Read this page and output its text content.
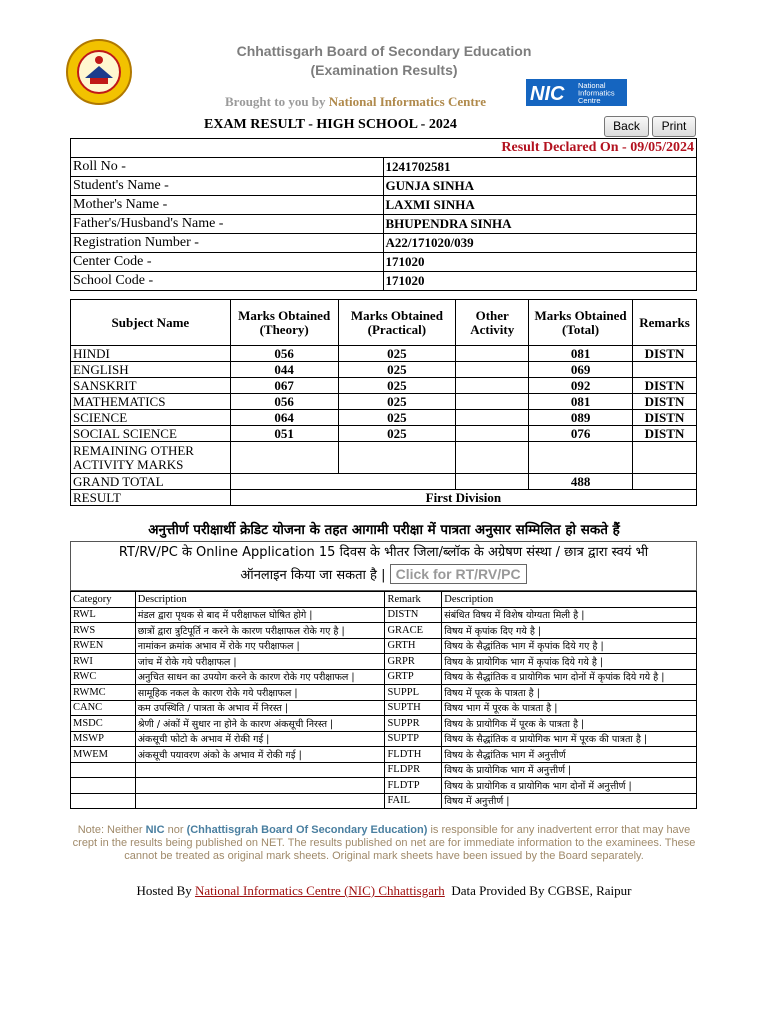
Chhattisgarh Board of Secondary Education
(Examination Results)
Brought to you by National Informatics Centre NIC National
Informatics
Centre
EXAM RESULT - HIGH SCHOOL - 2024	Back	Print
Result Declared On - 09/05/2024	
Roll No -	1241702581
Student's Name -	GUNJA SINHA
Mother's Name -	LAXMI SINHA
Father's/Husband's Name -	BHUPENDRA SINHA
Registration Number -	A22/171020/039
Center Code -	171020
School Code -	171020
Subject Name	Marks Obtained (Theory)	Marks Obtained (Practical)	Other Activity	Marks Obtained (Total)	Remarks
HINDI	056	025		081	DISTN
ENGLISH	044	025		069	
SANSKRIT	067	025		092	DISTN
MATHEMATICS	056	025		081	DISTN
SCIENCE	064	025		089	DISTN
SOCIAL SCIENCE	051	025		076	DISTN
REMAINING OTHER ACTIVITY MARKS					
GRAND TOTAL				488	
RESULT	First Division				
अनुत्तीर्ण परीक्षार्थी क्रेडिट योजना के तहत आगामी परीक्षा में पात्रता अनुसार सम्मिलित हो सकते हैं
RT/RV/PC के Online Application 15 दिवस के भीतर जिला/ब्लॉक के अग्रेषण संस्था / छात्र द्वारा स्वयं भी
ऑनलाइन किया जा सकता है | Click for RT/RV/PC
Category	Description	Remark	Description
RWL	मंडल द्वारा पृथक से बाद में परीक्षाफल घोषित होगे |	DISTN	संबंधित विषय में विशेष योग्यता मिली है |
RWS	छात्रों द्वारा त्रुटिपूर्ति न करने के कारण परीक्षाफल रोके गए है |	GRACE	विषय में कृपांक दिए गये है |
RWEN	नामांकन क्रमांक अभाव में रोके गए परीक्षाफल |	GRTH	विषय के सैद्धांतिक भाग में कृपांक दिये गए है |
RWI	जांच में रोके गये परीक्षाफल |	GRPR	विषय के प्रायोगिक भाग में कृपांक दिये गये है |
RWC	अनुचित साधन का उपयोग करने के कारण रोके गए परीक्षाफल |	GRTP	विषय के सैद्धांतिक व प्रायोगिक भाग दोनों में कृपांक दिये गये है |
RWMC	सामूहिक नकल के कारण रोके गये परीक्षाफल |	SUPPL	विषय में पूरक के पात्रता है |
CANC	कम उपस्थिति / पात्रता के अभाव में निरस्त |	SUPTH	विषय भाग में पूरक के पात्रता है |
MSDC	श्रेणी / अंकों में सुधार ना होने के कारण अंकसूची निरस्त |	SUPPR	विषय के प्रायोगिक में पूरक के पात्रता है |
MSWP	अंकसूची फोटो के अभाव में रोकी गई |	SUPTP	विषय के सैद्धांतिक व प्रायोगिक भाग में पूरक की पात्रता है |
MWEM	अंकसूची पयावरण अंको के अभाव में रोकी गई |	FLDTH	विषय के सैद्धांतिक भाग में अनुत्तीर्ण
		FLDPR	विषय के प्रायोगिक भाग में अनुत्तीर्ण |
		FLDTP	विषय के प्रायोगिक व प्रायोगिक भाग दोनों में अनुत्तीर्ण |
		FAIL	विषय में अनुत्तीर्ण |
Note: Neither NIC nor (Chhattisgrah Board Of Secondary Education) is responsible for any inadvertent error that may have crept in the results being published on NET. The results published on net are for immediate information to the examinees. These cannot be treated as original mark sheets. Original mark sheets have been issued by the Board separately.
Hosted By National Informatics Centre (NIC) Chhattisgarh Data Provided By CGBSE, Raipur
